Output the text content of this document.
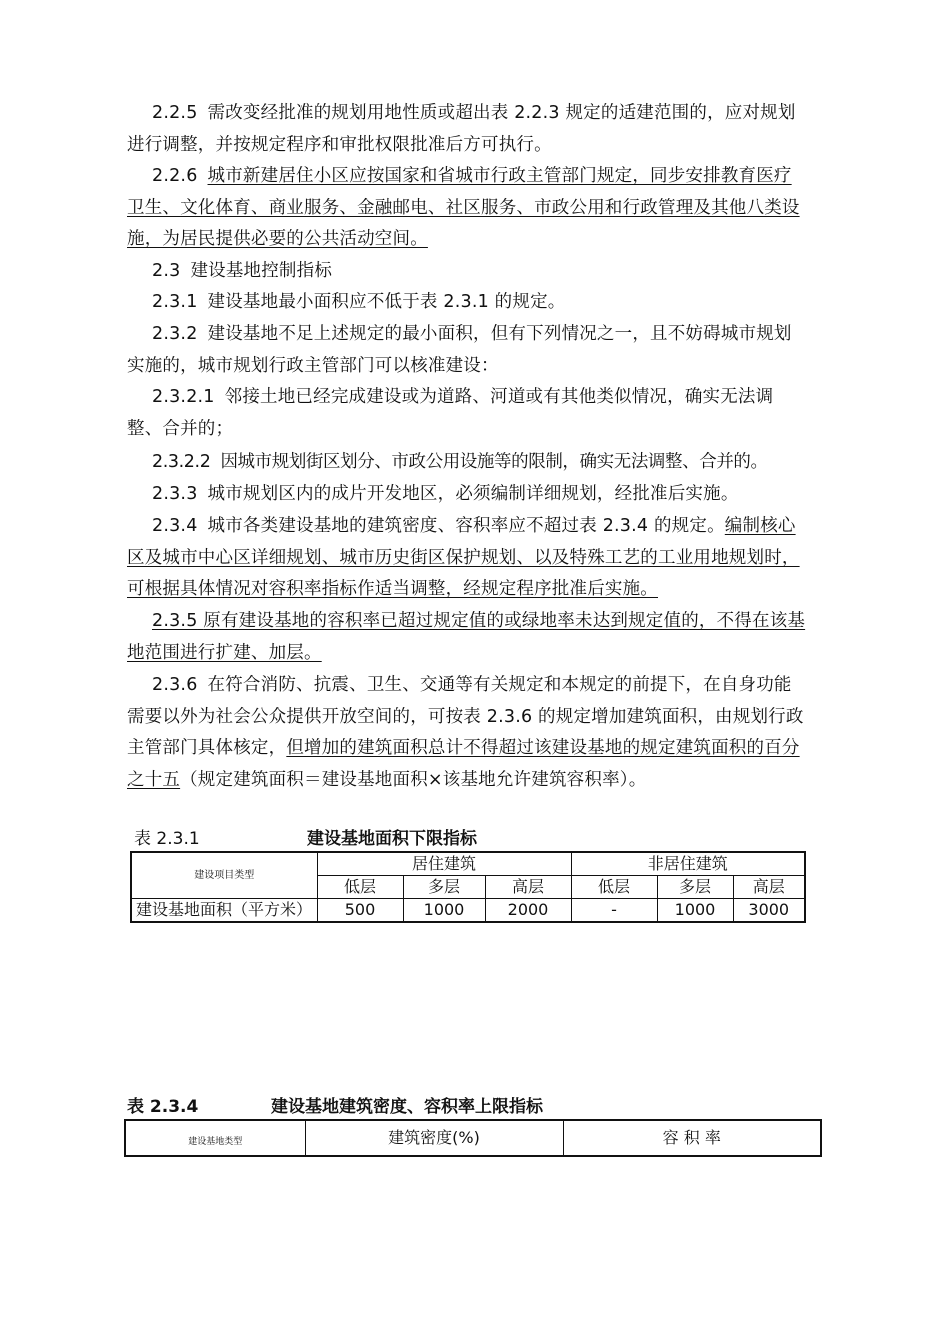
2.2.5 需改变经批准的规划用地性质或超出表 2.2.3 规定的适建范围的，应对规划进行调整，并按规定程序和审批权限批准后方可执行。

2.2.6 城市新建居住小区应按国家和省城市行政主管部门规定，同步安排教育医疗卫生、文化体育、商业服务、金融邮电、社区服务、市政公用和行政管理及其他八类设施，为居民提供必要的公共活动空间。

2.3 建设基地控制指标

2.3.1 建设基地最小面积应不低于表 2.3.1 的规定。

2.3.2 建设基地不足上述规定的最小面积，但有下列情况之一，且不妨碍城市规划实施的，城市规划行政主管部门可以核准建设：

2.3.2.1 邻接土地已经完成建设或为道路、河道或有其他类似情况，确实无法调整、合并的；

2.3.2.2 因城市规划街区划分、市政公用设施等的限制，确实无法调整、合并的。

2.3.3 城市规划区内的成片开发地区，必须编制详细规划，经批准后实施。

2.3.4 城市各类建设基地的建筑密度、容积率应不超过表 2.3.4 的规定。编制核心区及城市中心区详细规划、城市历史街区保护规划、以及特殊工艺的工业用地规划时，可根据具体情况对容积率指标作适当调整，经规定程序批准后实施。

2.3.5 原有建设基地的容积率已超过规定值的或绿地率未达到规定值的，不得在该基地范围进行扩建、加层。

2.3.6 在符合消防、抗震、卫生、交通等有关规定和本规定的前提下，在自身功能需要以外为社会公众提供开放空间的，可按表 2.3.6 的规定增加建筑面积，由规划行政主管部门具体核定，但增加的建筑面积总计不得超过该建设基地的规定建筑面积的百分之十五（规定建筑面积＝建设基地面积×该基地允许建筑容积率）。

表 2.3.1	建设基地面积下限指标
建设项目类型	居住建筑			非居住建筑		
	低层	多层	高层	低层	多层	高层
建设基地面积（平方米）	500	1000	2000	-	1000	3000
表 2.3.4	建设基地建筑密度、容积率上限指标
建设基地类型	建筑密度(%)	容 积 率
